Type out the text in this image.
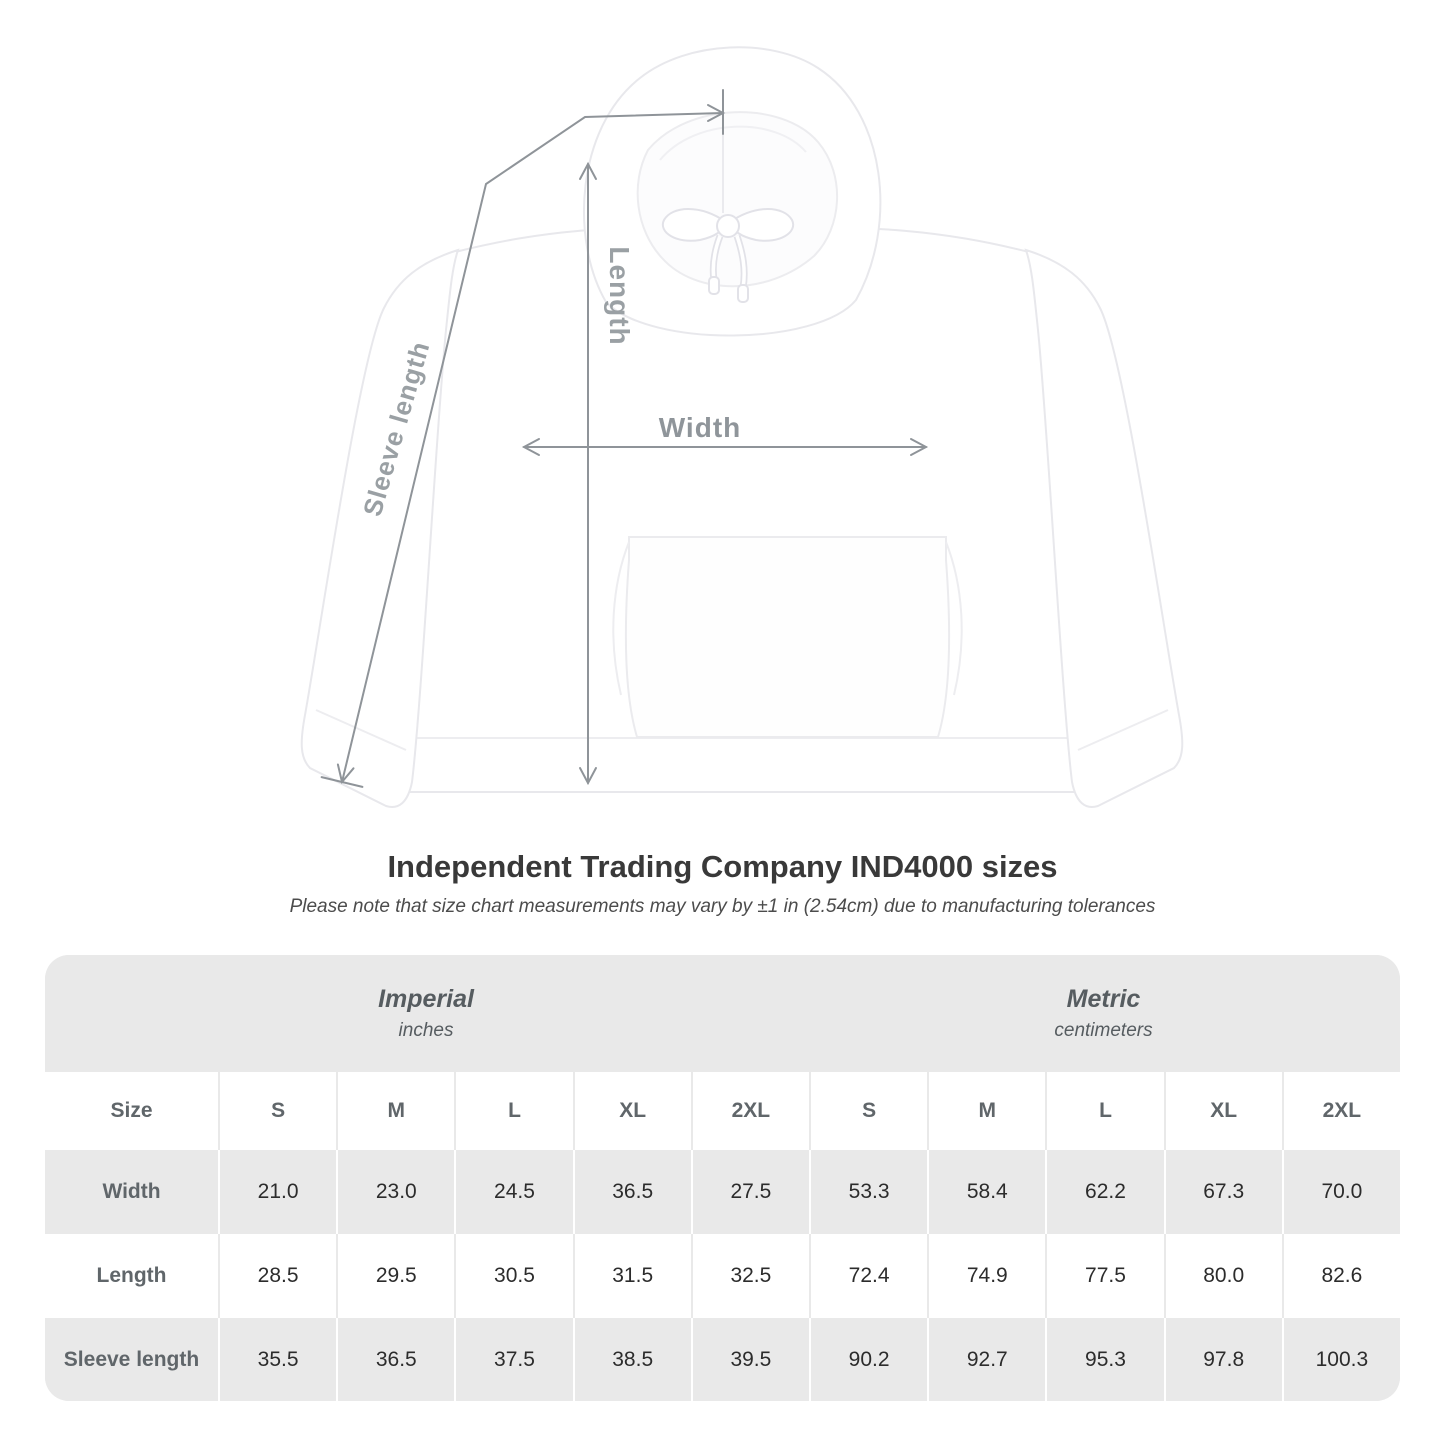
Length
Width
Sleeve length
Independent Trading Company IND4000 sizes

Please note that size chart measurements may vary by ±1 in (2.54cm) due to manufacturing tolerances

Imperial
inches
Metric
centimeters
Size	S	M	L	XL	2XL	S	M	L	XL	2XL
Width	21.0	23.0	24.5	36.5	27.5	53.3	58.4	62.2	67.3	70.0
Length	28.5	29.5	30.5	31.5	32.5	72.4	74.9	77.5	80.0	82.6
Sleeve length	35.5	36.5	37.5	38.5	39.5	90.2	92.7	95.3	97.8	100.3
